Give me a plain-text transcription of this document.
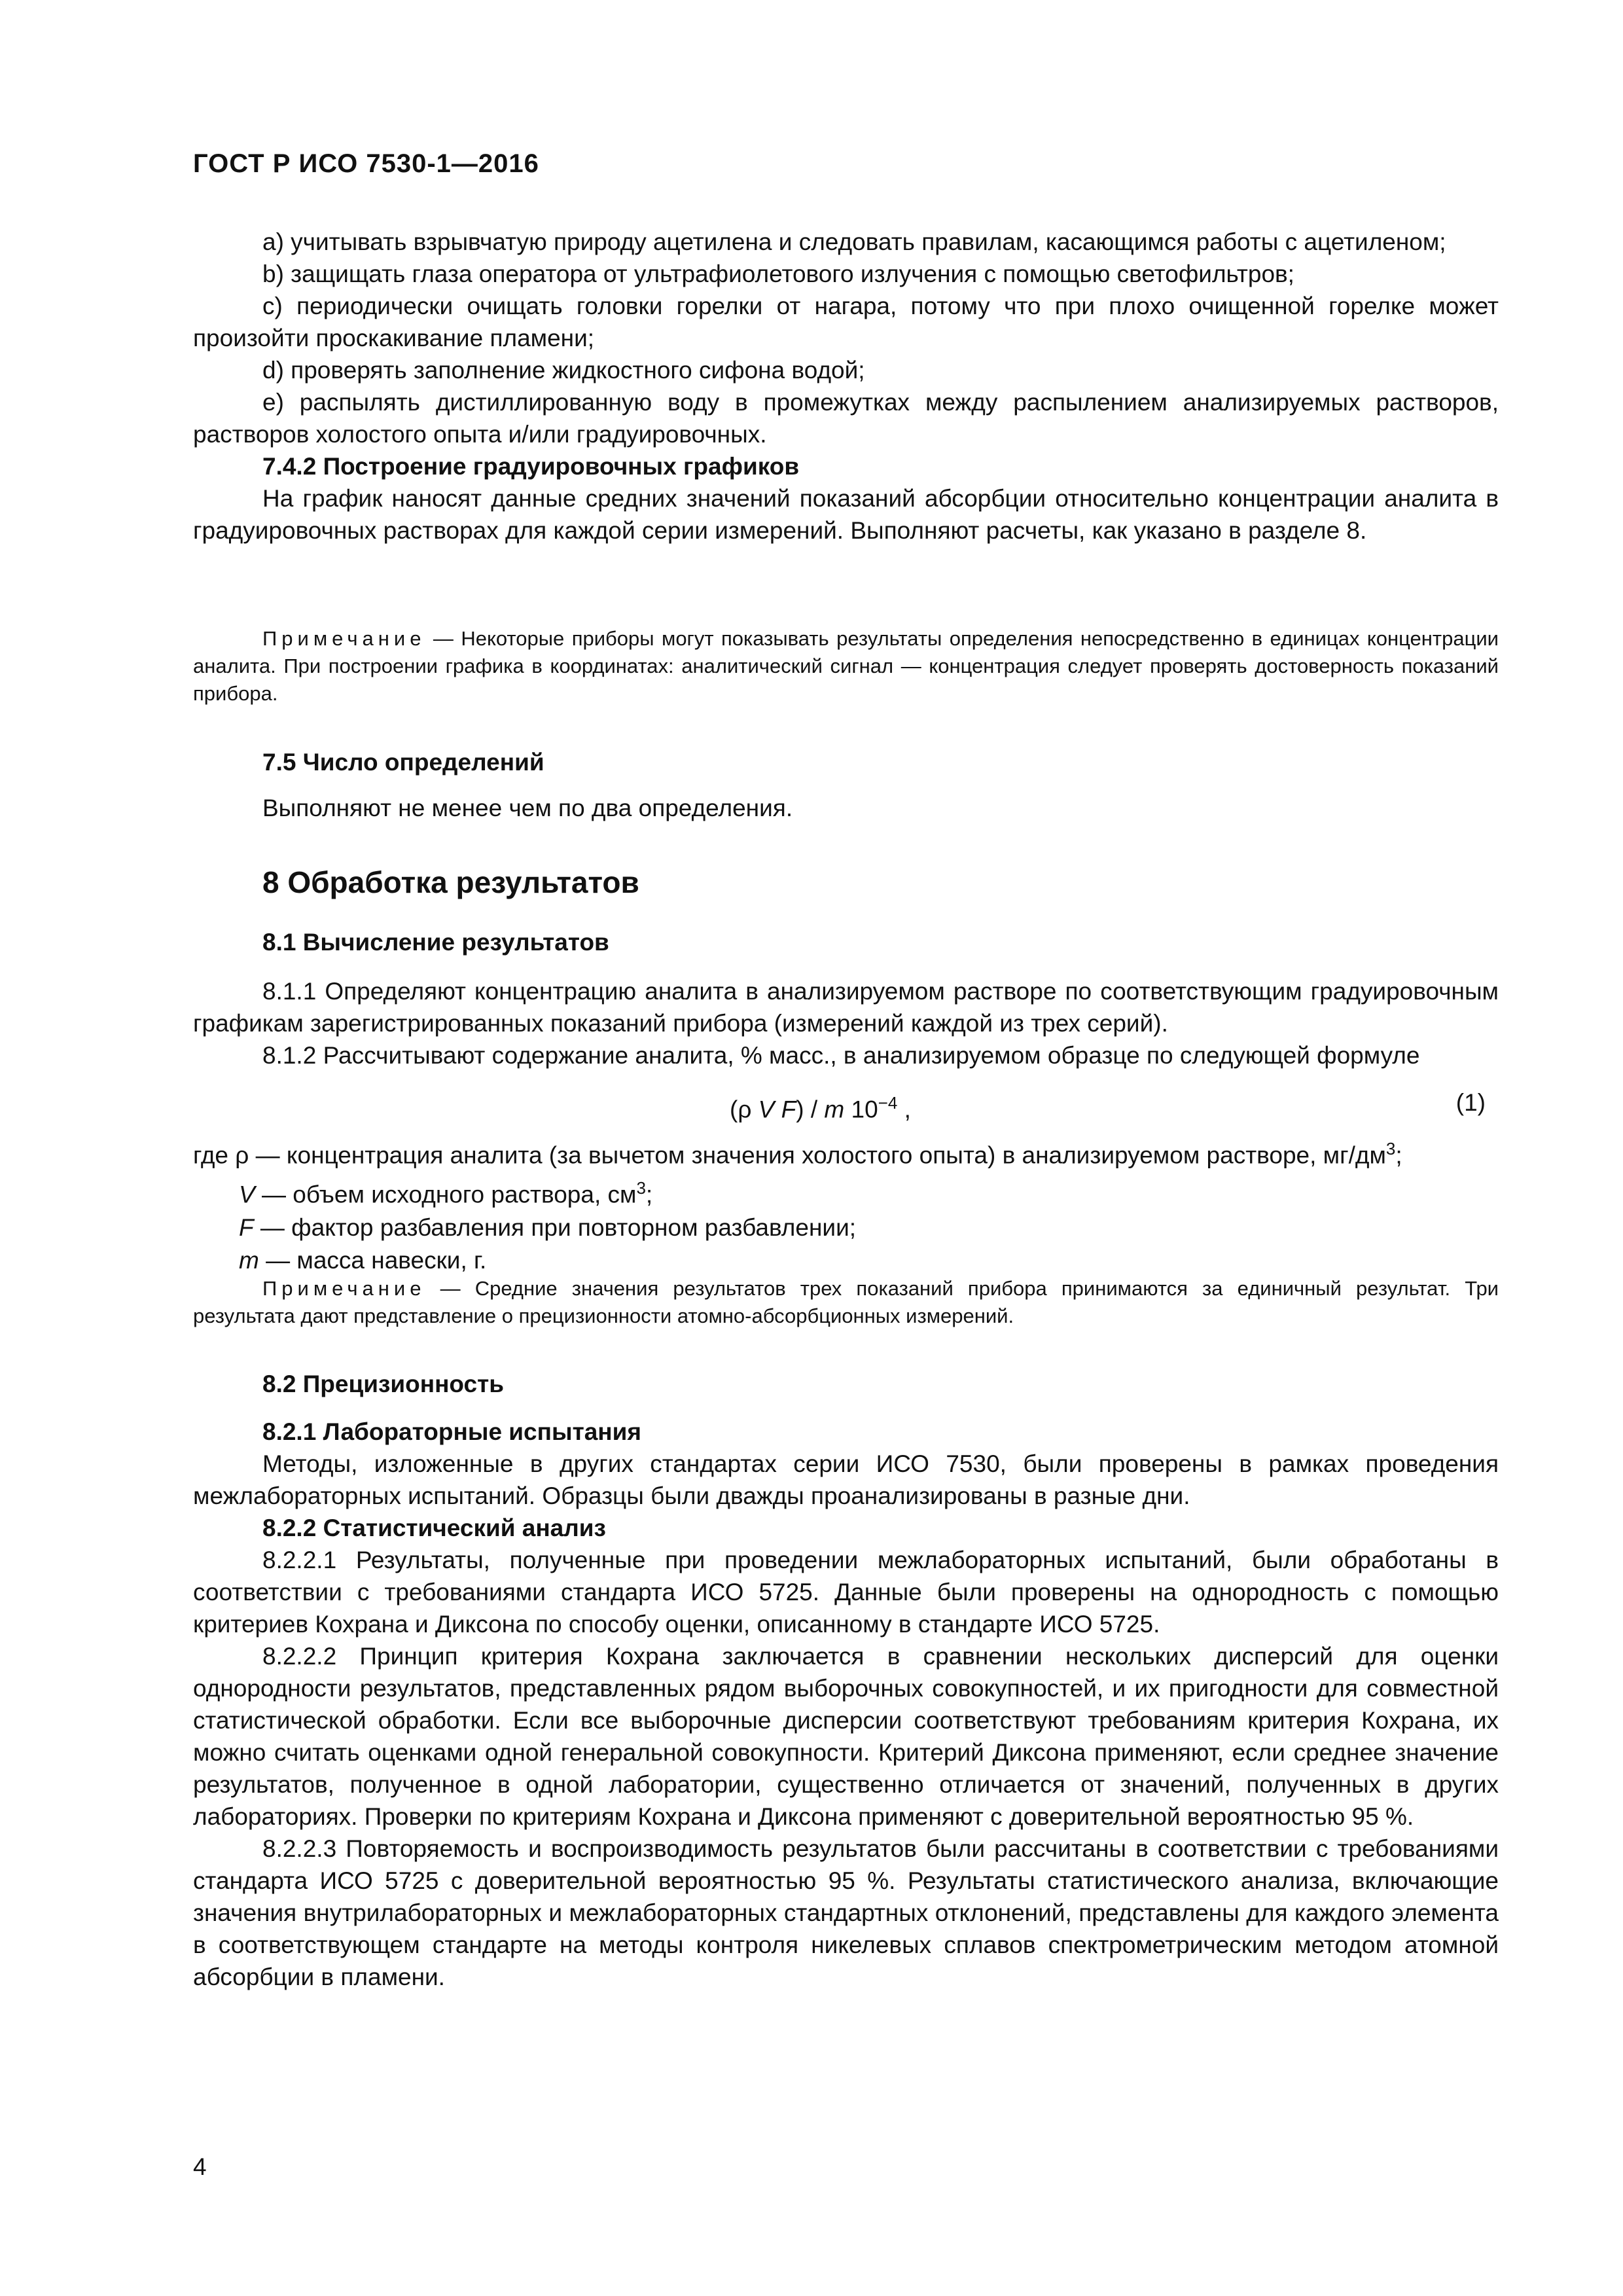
ГОСТ Р ИСО 7530-1—2016

a) учитывать взрывчатую природу ацетилена и следовать правилам, касающимся работы с ацетиленом;

b) защищать глаза оператора от ультрафиолетового излучения с помощью светофильтров;

c) периодически очищать головки горелки от нагара, потому что при плохо очищенной горелке может произойти проскакивание пламени;

d) проверять заполнение жидкостного сифона водой;

e) распылять дистиллированную воду в промежутках между распылением анализируемых растворов, растворов холостого опыта и/или градуировочных.

7.4.2 Построение градуировочных графиков

На график наносят данные средних значений показаний абсорбции относительно концентрации аналита в градуировочных растворах для каждой серии измерений. Выполняют расчеты, как указано в разделе 8.

Примечание — Некоторые приборы могут показывать результаты определения непосредственно в единицах концентрации аналита. При построении графика в координатах: аналитический сигнал — концентрация следует проверять достоверность показаний прибора.

7.5 Число определений

Выполняют не менее чем по два определения.

8 Обработка результатов

8.1 Вычисление результатов

8.1.1 Определяют концентрацию аналита в анализируемом растворе по соответствующим градуировочным графикам зарегистрированных показаний прибора (измерений каждой из трех серий).

8.1.2 Рассчитывают содержание аналита, % масс., в анализируемом образце по следующей формуле

(ρ V F) / m $10^{-4}$ ,	(1)

где ρ — концентрация аналита (за вычетом значения холостого опыта) в анализируемом растворе, $мг/дм^3$;

V — объем исходного раствора, $см^3$;

F — фактор разбавления при повторном разбавлении;

m — масса навески, г.

Примечание — Средние значения результатов трех показаний прибора принимаются за единичный результат. Три результата дают представление о прецизионности атомно-абсорбционных измерений.

8.2 Прецизионность

8.2.1 Лабораторные испытания

Методы, изложенные в других стандартах серии ИСО 7530, были проверены в рамках проведения межлабораторных испытаний. Образцы были дважды проанализированы в разные дни.

8.2.2 Статистический анализ

8.2.2.1 Результаты, полученные при проведении межлабораторных испытаний, были обработаны в соответствии с требованиями стандарта ИСО 5725. Данные были проверены на однородность с помощью критериев Кохрана и Диксона по способу оценки, описанному в стандарте ИСО 5725.

8.2.2.2 Принцип критерия Кохрана заключается в сравнении нескольких дисперсий для оценки однородности результатов, представленных рядом выборочных совокупностей, и их пригодности для совместной статистической обработки. Если все выборочные дисперсии соответствуют требованиям критерия Кохрана, их можно считать оценками одной генеральной совокупности. Критерий Диксона применяют, если среднее значение результатов, полученное в одной лаборатории, существенно отличается от значений, полученных в других лабораториях. Проверки по критериям Кохрана и Диксона применяют с доверительной вероятностью 95 %.

8.2.2.3 Повторяемость и воспроизводимость результатов были рассчитаны в соответствии с требованиями стандарта ИСО 5725 с доверительной вероятностью 95 %. Результаты статистического анализа, включающие значения внутрилабораторных и межлабораторных стандартных отклонений, представлены для каждого элемента в соответствующем стандарте на методы контроля никелевых сплавов спектрометрическим методом атомной абсорбции в пламени.

4
